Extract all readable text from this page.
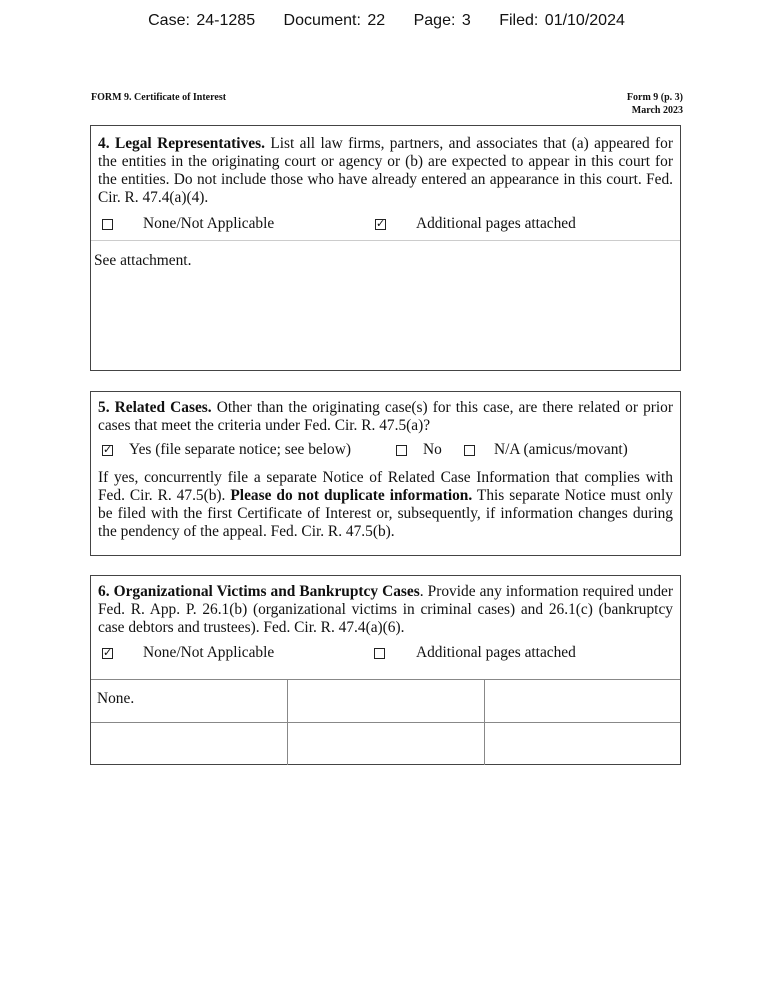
Case: 24-1285 Document: 22 Page: 3 Filed: 01/10/2024
FORM 9. Certificate of Interest	Form 9 (p. 3)
March 2023

4. Legal Representatives. List all law firms, partners, and associates that (a) appeared for the entities in the originating court or agency or (b) are expected to appear in this court for the entities. Do not include those who have already entered an appearance in this court. Fed. Cir. R. 47.4(a)(4).

None/Not Applicable	✓ Additional pages attached
See attachment.

5. Related Cases. Other than the originating case(s) for this case, are there related or prior cases that meet the criteria under Fed. Cir. R. 47.5(a)?

✓ Yes (file separate notice; see below)	No	N/A (amicus/movant)

If yes, concurrently file a separate Notice of Related Case Information that complies with Fed. Cir. R. 47.5(b). Please do not duplicate information. This separate Notice must only be filed with the first Certificate of Interest or, subsequently, if information changes during the pendency of the appeal. Fed. Cir. R. 47.5(b).

6. Organizational Victims and Bankruptcy Cases. Provide any information required under Fed. R. App. P. 26.1(b) (organizational victims in criminal cases) and 26.1(c) (bankruptcy case debtors and trustees). Fed. Cir. R. 47.4(a)(6).

✓ None/Not Applicable	Additional pages attached
None.
